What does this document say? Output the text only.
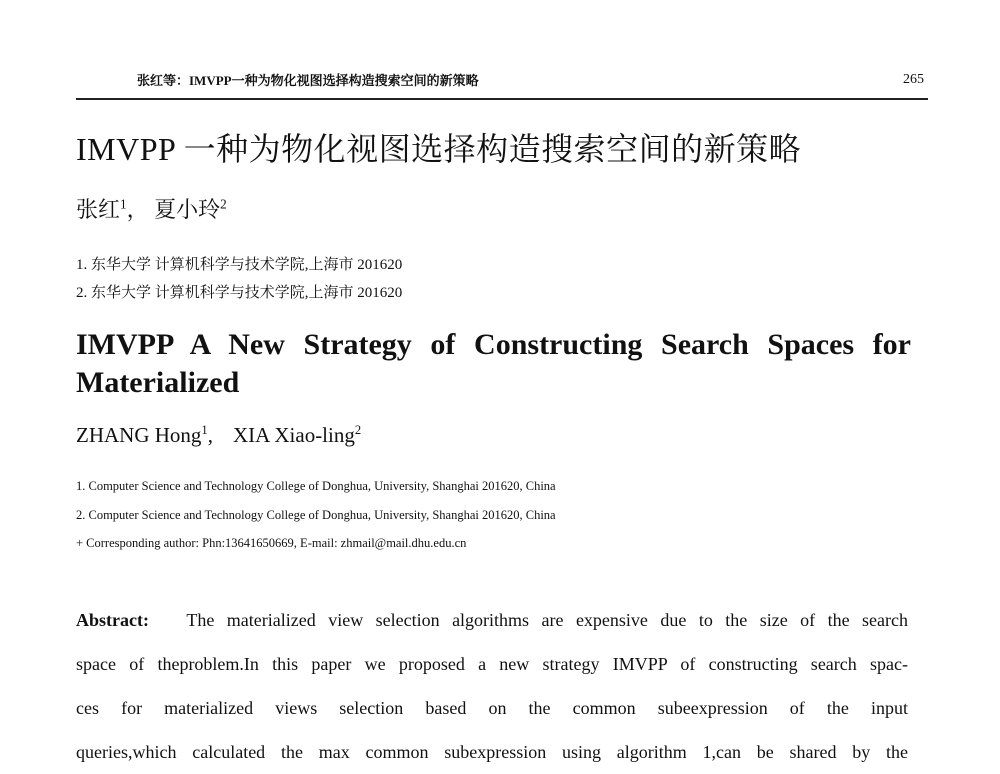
张红等：IMVPP一种为物化视图选择构造搜索空间的新策略	265
IMVPP 一种为物化视图选择构造搜索空间的新策略
张红$^1$， 夏小玲$^2$
1. 东华大学 计算机科学与技术学院,上海市 201620
2. 东华大学 计算机科学与技术学院,上海市 201620
IMVPP A New Strategy of Constructing Search Spaces for Materialized
ZHANG Hong$^1$, XIA Xiao-ling$^2$
1. Computer Science and Technology College of Donghua, University, Shanghai 201620, China
2. Computer Science and Technology College of Donghua, University, Shanghai 201620, China
+ Corresponding author: Phn:13641650669, E-mail: zhmail@mail.dhu.edu.cn
Abstract: The materialized view selection algorithms are expensive due to the size of the search
space of theproblem.In this paper we proposed a new strategy IMVPP of constructing search spac-
ces for materialized views selection based on the common subeexpression of the input
queries,which calculated the max common subexpression using algorithm 1,can be shared by the
